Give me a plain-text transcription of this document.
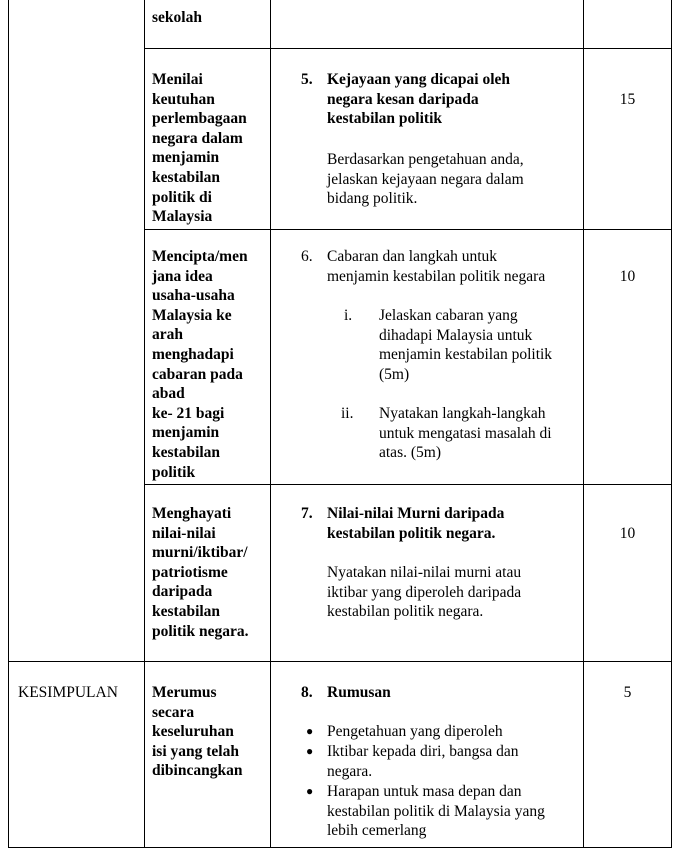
sekolah
Menilai
keutuhan
perlembagaan
negara dalam
menjamin
kestabilan
politik di
Malaysia
5. Kejayaan yang dicapai oleh
negara kesan daripada
kestabilan politik
Berdasarkan pengetahuan anda,
jelaskan kejayaan negara dalam
bidang politik.
15
Mencipta/men
jana idea
usaha-usaha
Malaysia ke
arah
menghadapi
cabaran pada
abad
ke- 21 bagi
menjamin
kestabilan
politik
6. Cabaran dan langkah untuk
menjamin kestabilan politik negara
i. Jelaskan cabaran yang
dihadapi Malaysia untuk
menjamin kestabilan politik
(5m)
ii. Nyatakan langkah-langkah
untuk mengatasi masalah di
atas. (5m)
10
Menghayati
nilai-nilai
murni/iktibar/
patriotisme
daripada
kestabilan
politik negara.
7. Nilai-nilai Murni daripada
kestabilan politik negara.
Nyatakan nilai-nilai murni atau
iktibar yang diperoleh daripada
kestabilan politik negara.
10
KESIMPULAN Merumus
secara
keseluruhan
isi yang telah
dibincangkan
8. Rumusan
● Pengetahuan yang diperoleh
● Iktibar kepada diri, bangsa dan
negara.
● Harapan untuk masa depan dan
kestabilan politik di Malaysia yang
lebih cemerlang
5
